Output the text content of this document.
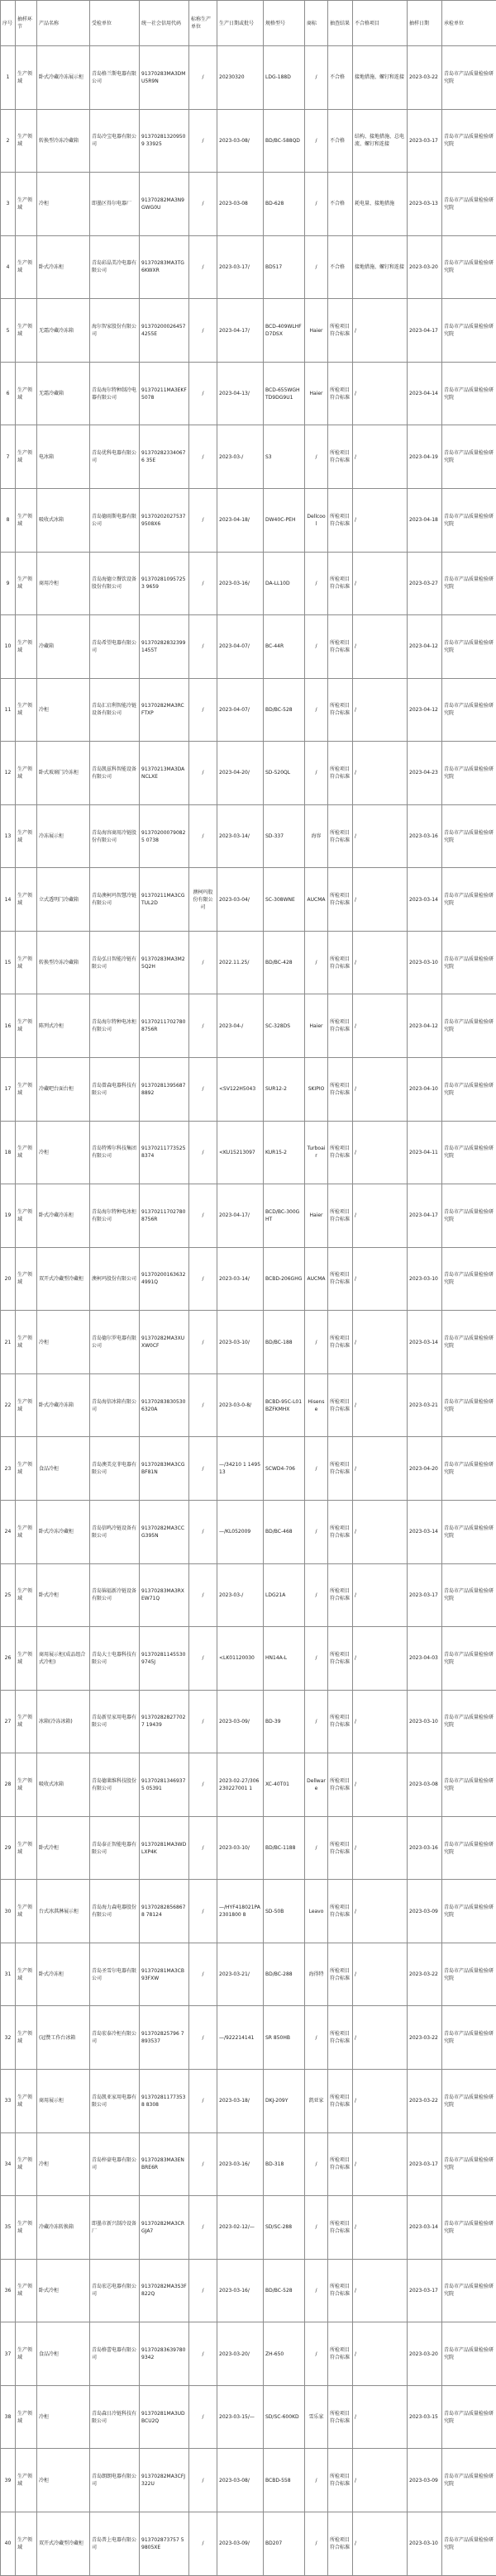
序号	抽样环节	产品名称	受检单位	统一社会信用代码	标称生产单位	生产日期或批号	规格型号	商标	抽查结果	不合格项目	抽样日期	承检单位
1	生产领域	卧式冷藏冷冻展示柜	青岛格兰斯电器有限公司	91370283MA3DMU5R9N	/	20230320	LDG-188D	/	不合格	接地措施、螺钉和连接	2023-03-22	青岛市产品质量检验研究院
2	生产领域	转换型冷冻冷藏箱	青岛冷宝电器有限公司	913702813209509 33925	/	2023-03-08/	BD/BC-588QD	/	不合格	结构、接地措施、总电流、螺钉和连接	2023-03-17	青岛市产品质量检验研究院
3	生产领域	冷柜	即墨区得尔电器厂	91370282MA3N9GWG0U	/	2023-03-08	BD-628	/	不合格	耗电量、接地措施	2023-03-13	青岛市产品质量检验研究院
4	生产领域	卧式冷冻柜	青岛彩晶美冷电器有限公司	91370283MA3TG6KWXR	/	2023-03-17/	BD517	/	不合格	接地措施、螺钉和连接	2023-03-20	青岛市产品质量检验研究院
5	生产领域	无霜冷藏冷冻箱	海尔智家股份有限公司	913702000264574255E	/	2023-04-17/	BCD-409WLHFD7DSX	Haier	所检项目符合标准	/	2023-04-17	青岛市产品质量检验研究院
6	生产领域	无霜冷藏箱	青岛海尔特种制冷电器有限公司	91370211MA3EKF5078	/	2023-04-13/	BCD-655WGHTD9DG9U1	Haier	所检项目符合标准	/	2023-04-14	青岛市产品质量检验研究院
7	生产领域	电冰箱	青岛优科电器有限公司	913702823340676 35E	/	2023-03-/	S3	/	所检项目符合标准	/	2023-04-19	青岛市产品质量检验研究院
8	生产领域	吸收式冰箱	青岛德雨斯电器有限公司	913702020275379508X6	/	2023-04-18/	DW40C-PEH	Dellcool	所检项目符合标准	/	2023-04-18	青岛市产品质量检验研究院
9	生产领域	商用冷柜	青岛海德立餐饮设备股份有限公司	913702810957253 9659	/	2023-03-16/	DA-LL10D	/	所检项目符合标准	/	2023-03-27	青岛市产品质量检验研究院
10	生产领域	冷藏箱	青岛希望电器有限公司	913702828323991455T	/	2023-04-07/	BC-44R	/	所检项目符合标准	/	2023-04-12	青岛市产品质量检验研究院
11	生产领域	冷柜	青岛汇启利智能冷链设备有限公司	91370282MA3RCFTXP	/	2023-04-07/	BD/BC-528	/	所检项目符合标准	/	2023-04-12	青岛市产品质量检验研究院
12	生产领域	卧式玻璃门冷冻柜	青岛凯兹科智能设备有限公司	91370213MA3DANCLXE	/	2023-04-20/	SD-520QL	/	所检项目符合标准	/	2023-04-23	青岛市产品质量检验研究院
13	生产领域	冷冻展示柜	青岛海容商用冷链股份有限公司	913702000790825 0738	/	2023-03-14/	SD-337	海容	所检项目符合标准	/	2023-03-16	青岛市产品质量检验研究院
14	生产领域	立式透明门冷藏箱	青岛澳柯玛智慧冷链有限公司	91370211MA3CGTUL2D	澳柯玛股份有限公司	2023-03-04/	SC-308WNE	AUCMA	所检项目符合标准	/	2023-03-14	青岛市产品质量检验研究院
15	生产领域	转换型冷冻冷藏箱	青岛弘日智能冷链有限公司	91370283MA3M25Q2H	/	2022.11.25/	BD/BC-428	/	所检项目符合标准	/	2023-03-10	青岛市产品质量检验研究院
16	生产领域	陈列式冷柜	青岛海尔特种电冰柜有限公司	913702117027808756R	/	2023-04-/	SC-328DS	Haier	所检项目符合标准	/	2023-04-12	青岛市产品质量检验研究院
17	生产领域	冷藏吧台面台柜	青岛曾森电器科技有限公司	913702813956878892	/	<SV122H5043	SUR12-2	SKIPIO	所检项目符合标准	/	2023-04-10	青岛市产品质量检验研究院
18	生产领域	冷柜	青岛特博尔科技集团有限公司	913702117735258374	/	<KU15213097	KUR15-2	Turboair	所检项目符合标准	/	2023-04-11	青岛市产品质量检验研究院
19	生产领域	卧式冷藏冷冻柜	青岛海尔特种电冰柜有限公司	913702117027808756R	/	2023-04-17/	BCD/BC-300GHT	Haier	所检项目符合标准	/	2023-04-17	青岛市产品质量检验研究院
20	生产领域	双开式冷藏型冷藏柜	澳柯玛股份有限公司	913702001636324991Q	/	2023-03-14/	BCBD-206GHG	AUCMA	所检项目符合标准	/	2023-03-10	青岛市产品质量检验研究院
21	生产领域	冷柜	青岛德尔罗电器有限公司	91370282MA3XUXW0CF	/	2023-03-10/	BD/BC-188	/	所检项目符合标准	/	2023-03-14	青岛市产品质量检验研究院
22	生产领域	卧式冷藏冷冻箱	青岛海信冰箱有限公司	913702838305306320A	/	2023-03-0-8/	BCBD-95C-L01BZFKMHX	Hisense	所检项目符合标准	/	2023-03-21	青岛市产品质量检验研究院
23	生产领域	食品冷柜	青岛澳美克菲电器有限公司	91370283MA3CGBF81N	/	—/34210 1 149513	SCWD4-706	/	所检项目符合标准	/	2023-04-20	青岛市产品质量检验研究院
24	生产领域	卧式冷冻冷藏柜	青岛信鸣冷链设备有限公司	91370282MA3CCG395N	/	—/KL052009	BD/BC-468	/	所检项目符合标准	/	2023-03-14	青岛市产品质量检验研究院
25	生产领域	卧式冷柜	青岛锦福新冷链设备有限公司	91370283MA3RXEW71Q	/	2023-03-/	LDG21A	/	所检项目符合标准	/	2023-03-17	青岛市产品质量检验研究院
26	生产领域	商用展示柜(成品组合式冷柜)	青岛大士电器科技有限公司	913702811455309745J	/	<LK01120030	HN14A-L	/	所检项目符合标准	/	2023-04-03	青岛市产品质量检验研究院
27	生产领域	冰箱(冷冻冰箱)	青岛新星家用电器有限公司	913702828277027 19439	/	2023-03-09/	BD-39	/	所检项目符合标准	/	2023-03-10	青岛市产品质量检验研究院
28	生产领域	吸收式冰箱	青岛德莱维科技股份有限公司	913702813469375 05391	/	2023-02-27/306230227001 1	XC-40T01	Dellware	所检项目符合标准	/	2023-03-08	青岛市产品质量检验研究院
29	生产领域	卧式冷柜	青岛泰正智能电器有限公司	91370281MA3WDLXP4K	/	2023-03-10/	BD/BC-1188	/	所检项目符合标准	/	2023-03-16	青岛市产品质量检验研究院
30	生产领域	台式冰淇淋展示柜	青岛海力森电器股份有限公司	913702828568678 78124	/	—/HYF418021PA2301800 8	SD-50B	Leavo	所检项目符合标准	/	2023-03-09	青岛市产品质量检验研究院
31	生产领域	卧式冷冻柜	青岛圣雪尔电器有限公司	91370281MA3CB93FXW	/	2023-03-21/	BD/BC-288	海得特	所检项目符合标准	/	2023-03-22	青岛市产品质量检验研究院
32	生产领域	(冠赞工作台冰箱	青岛宏泰冷柜有限公司	913702825796 7893537	/	—/922214141	SR 850HB	/	所检项目符合标准	/	2023-03-22	青岛市产品质量检验研究院
33	生产领域	商用展示柜	青岛凯亚家用电器有限公司	913702811773538 8308	/	2023-03-18/	DKJ-209Y	凯亚家	所检项目符合标准	/	2023-03-22	青岛市产品质量检验研究院
34	生产领域	冷柜	青岛梓豪电器有限公司	91370283MA3ENBRE6R	/	2023-03-16/	BD-318	/	所检项目符合标准	/	2023-03-17	青岛市产品质量检验研究院
35	生产领域	冷藏冷冻转换箱	即墨市新兴制冷设备厂	91370282MA3CRGJA7	/	2023-02-12/—	SD/SC-288	/	所检项目符合标准	/	2023-03-14	青岛市产品质量检验研究院
36	生产领域	卧式冷柜	青岛宏芯电器有限公司	91370282MA3S3F822Q	/	2023-03-16/	BD/BC-528	/	所检项目符合标准	/	2023-03-17	青岛市产品质量检验研究院
37	生产领域	食品冷柜	青岛格蕾电器有限公司	913702836397809342	/	2023-03-20/	ZH-650	/	所检项目符合标准	/	2023-03-20	青岛市产品质量检验研究院
38	生产领域	冷柜	青岛森日冷链科技有限公司	91370281MA3UDBCU2Q	/	2023-03-15/—	SD/SC-600KD	雪乐家	所检项目符合标准	/	2023-03-15	青岛市产品质量检验研究院
39	生产领域	冷柜	青岛朗朗电器有限公司	91370282MA3CFJ322U	/	2023-03-08/	BCBD-558	/	所检项目符合标准	/	2023-03-09	青岛市产品质量检验研究院
40	生产领域	双开式冷藏型冷藏柜	青岛普上电器有限公司	913702873757 5 9805XE	/	2023-03-09/	BD207	/	所检项目符合标准	/	2023-03-10	青岛市产品质量检验研究院
